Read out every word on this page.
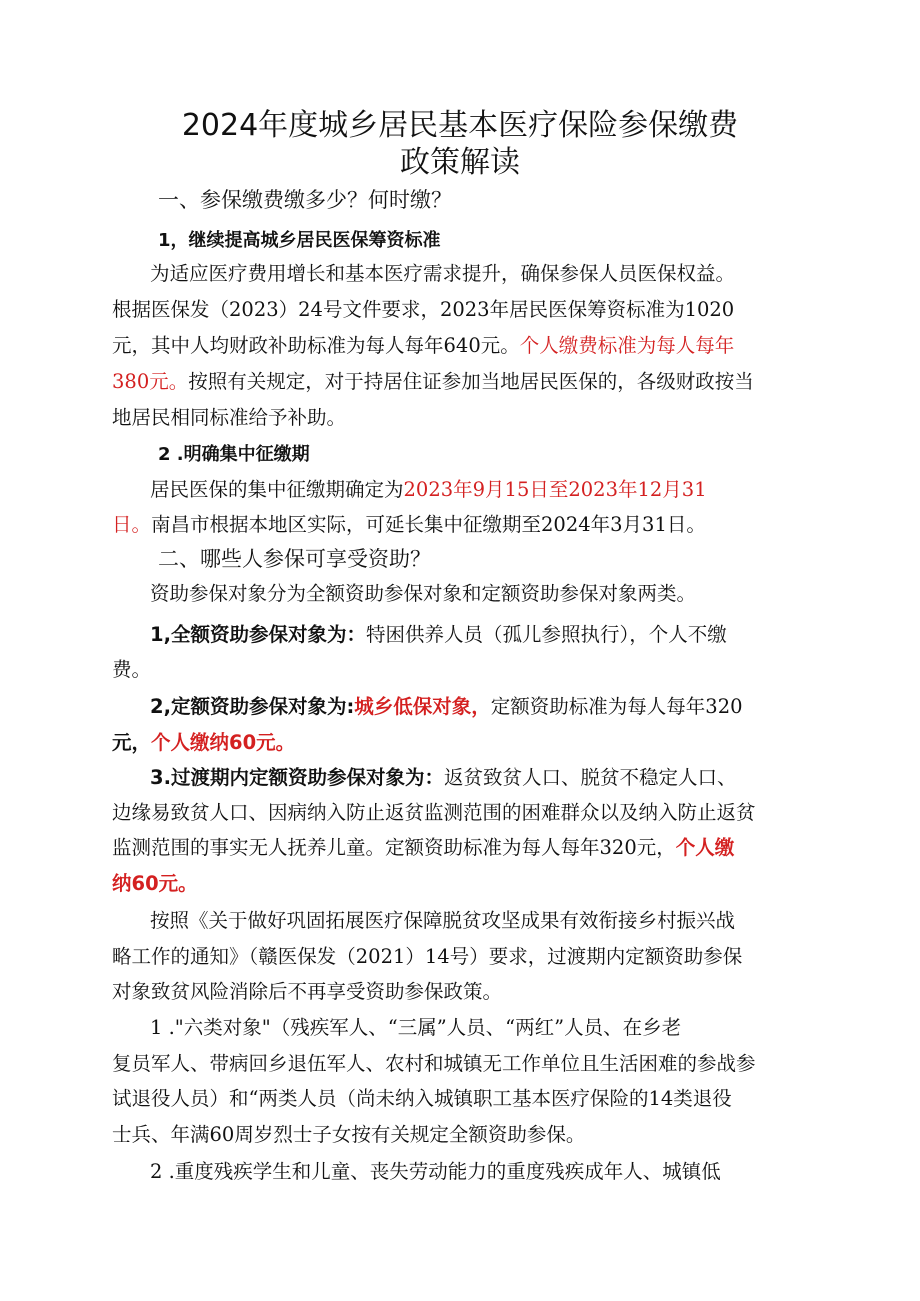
2024年度城乡居民基本医疗保险参保缴费
政策解读
一、参保缴费缴多少？何时缴？
1，继续提高城乡居民医保筹资标准
为适应医疗费用增长和基本医疗需求提升，确保参保人员医保权益。
根据医保发（2023）24号文件要求，2023年居民医保筹资标准为1020
元，其中人均财政补助标准为每人每年640元。个人缴费标准为每人每年
380元。按照有关规定，对于持居住证参加当地居民医保的，各级财政按当
地居民相同标准给予补助。
2 .明确集中征缴期
居民医保的集中征缴期确定为2023年9月15日至2023年12月31
日。南昌市根据本地区实际，可延长集中征缴期至2024年3月31日。
二、哪些人参保可享受资助？
资助参保对象分为全额资助参保对象和定额资助参保对象两类。
1,全额资助参保对象为：特困供养人员（孤儿参照执行），个人不缴
费。
2,定额资助参保对象为:城乡低保对象，定额资助标准为每人每年320
元，个人缴纳60元。
3.过渡期内定额资助参保对象为：返贫致贫人口、脱贫不稳定人口、
边缘易致贫人口、因病纳入防止返贫监测范围的困难群众以及纳入防止返贫
监测范围的事实无人抚养儿童。定额资助标准为每人每年320元，个人缴
纳60元。
按照《关于做好巩固拓展医疗保障脱贫攻坚成果有效衔接乡村振兴战
略工作的通知》（赣医保发（2021）14号）要求，过渡期内定额资助参保
对象致贫风险消除后不再享受资助参保政策。
1 ."六类对象"（残疾军人、“三属”人员、“两红”人员、在乡老
复员军人、带病回乡退伍军人、农村和城镇无工作单位且生活困难的参战参
试退役人员）和“两类人员（尚未纳入城镇职工基本医疗保险的14类退役
士兵、年满60周岁烈士子女按有关规定全额资助参保。
2 .重度残疾学生和儿童、丧失劳动能力的重度残疾成年人、城镇低
